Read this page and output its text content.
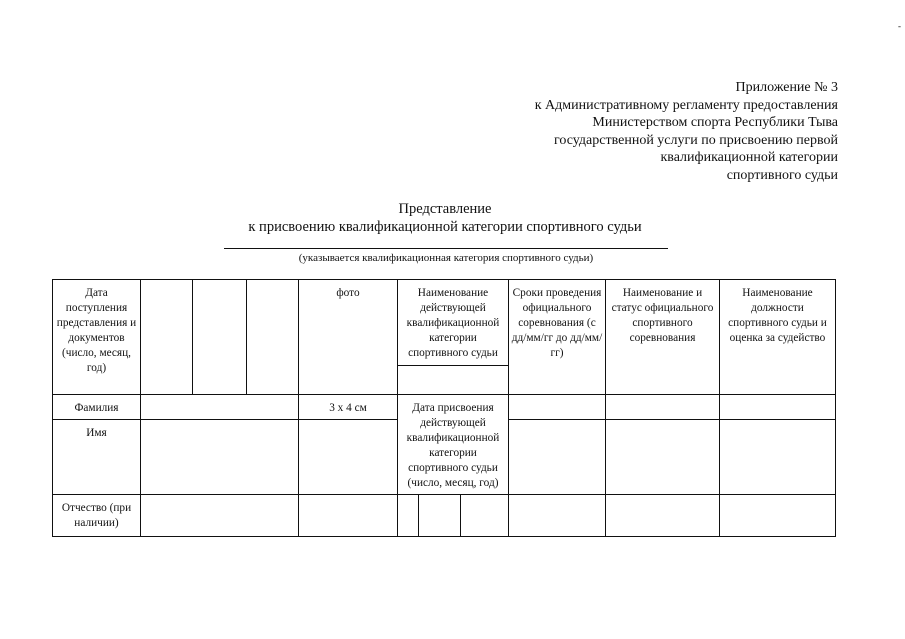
-
Приложение № 3
к Административному регламенту предоставления
Министерством спорта Республики Тыва
государственной услуги по присвоению первой
квалификационной категории
спортивного судьи
Представление
к присвоению квалификационной категории спортивного судьи
(указывается квалификационная категория спортивного судьи)
Дата поступления представления и документов (число, месяц, год)				фото	Наименование действующей квалификационной категории спортивного судьи			Сроки проведения официального соревнования (с дд/мм/гг до дд/мм/гг)	Наименование и статус официального спортивного соревнования	Наименование должности спортивного судьи и оценка за судейство

Фамилия				3 х 4 см	Дата присвоения действующей квалификационной категории спортивного судьи (число, месяц, год)					
Имя										
Отчество (при наличии)										
